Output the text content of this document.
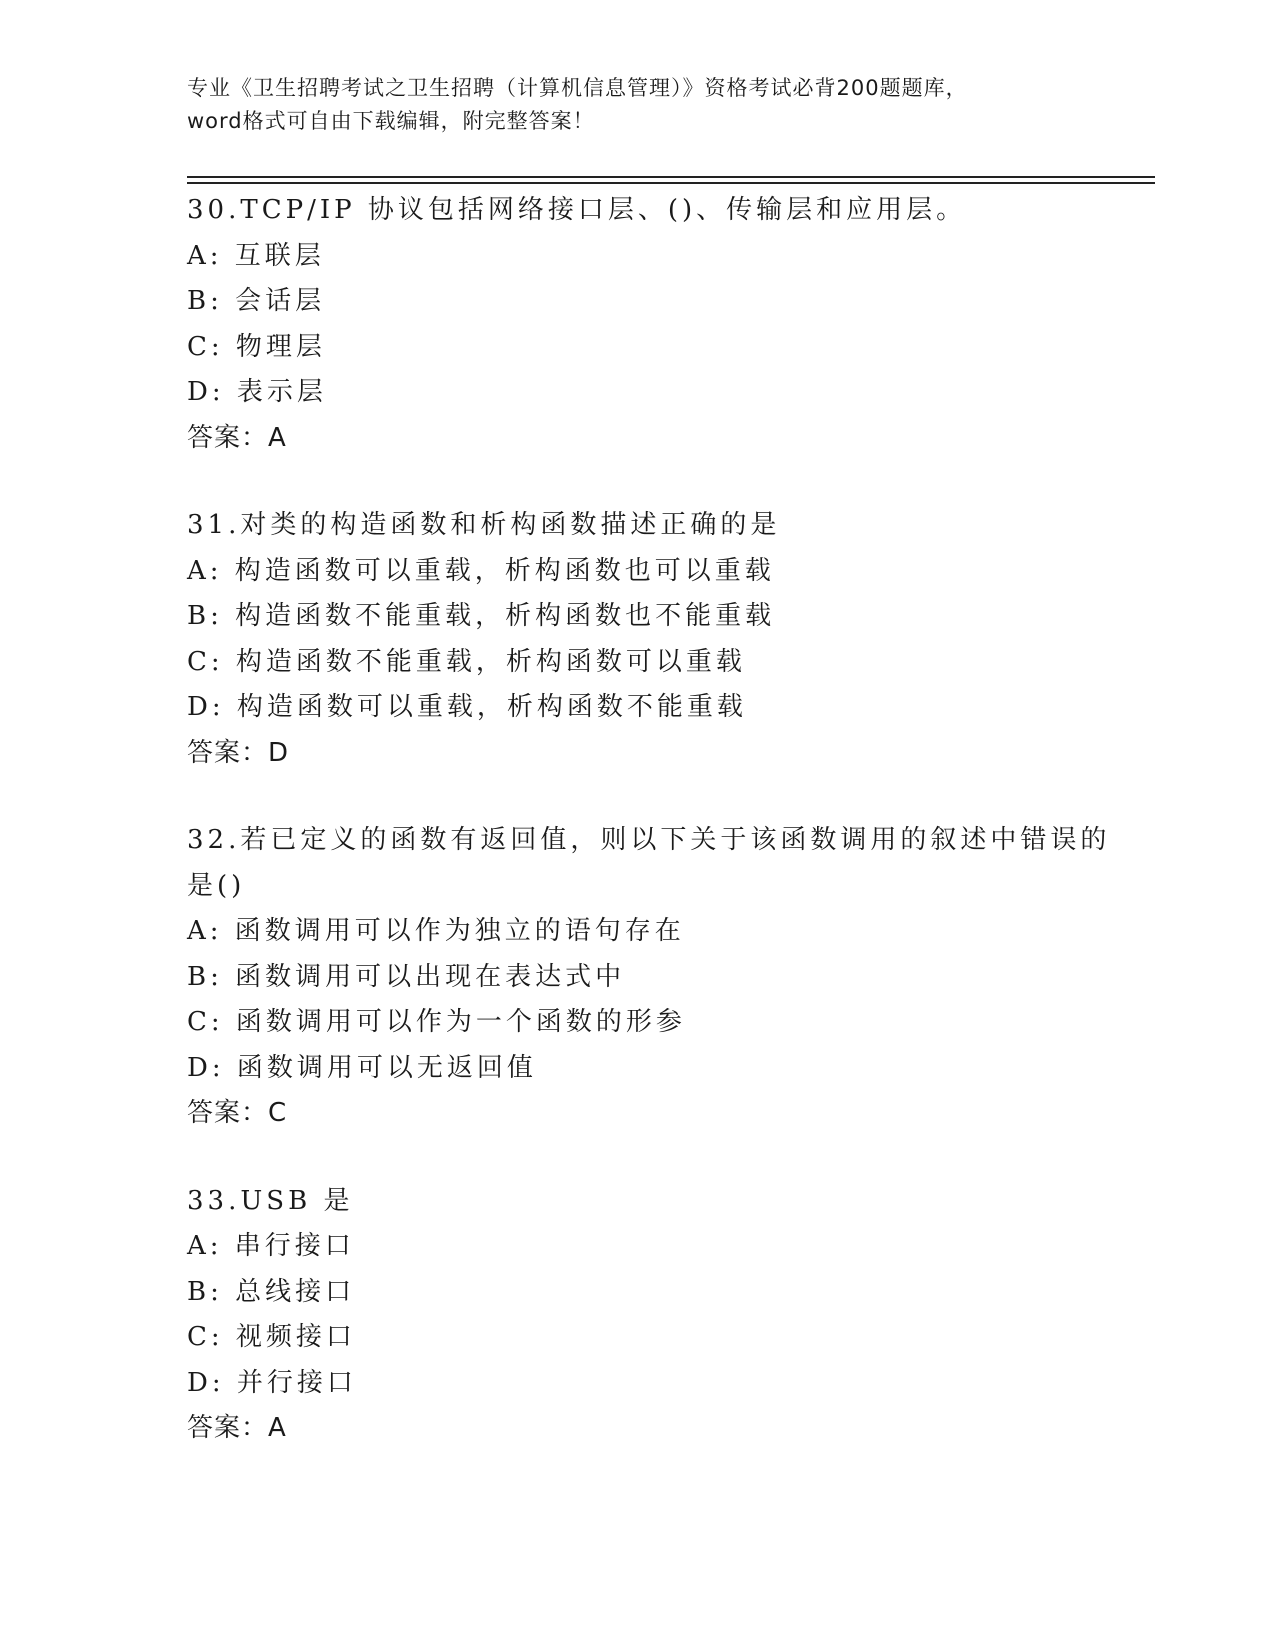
专业《卫生招聘考试之卫生招聘（计算机信息管理）》资格考试必背200题题库，
word格式可自由下载编辑，附完整答案！
30.TCP/IP 协议包括网络接口层、()、传输层和应用层。
A: 互联层
B: 会话层
C: 物理层
D: 表示层
答案：A
31.对类的构造函数和析构函数描述正确的是
A: 构造函数可以重载，析构函数也可以重载
B: 构造函数不能重载，析构函数也不能重载
C: 构造函数不能重载，析构函数可以重载
D: 构造函数可以重载，析构函数不能重载
答案：D
32.若已定义的函数有返回值，则以下关于该函数调用的叙述中错误的
是()
A: 函数调用可以作为独立的语句存在
B: 函数调用可以出现在表达式中
C: 函数调用可以作为一个函数的形参
D: 函数调用可以无返回值
答案：C
33.USB 是
A: 串行接口
B: 总线接口
C: 视频接口
D: 并行接口
答案：A
